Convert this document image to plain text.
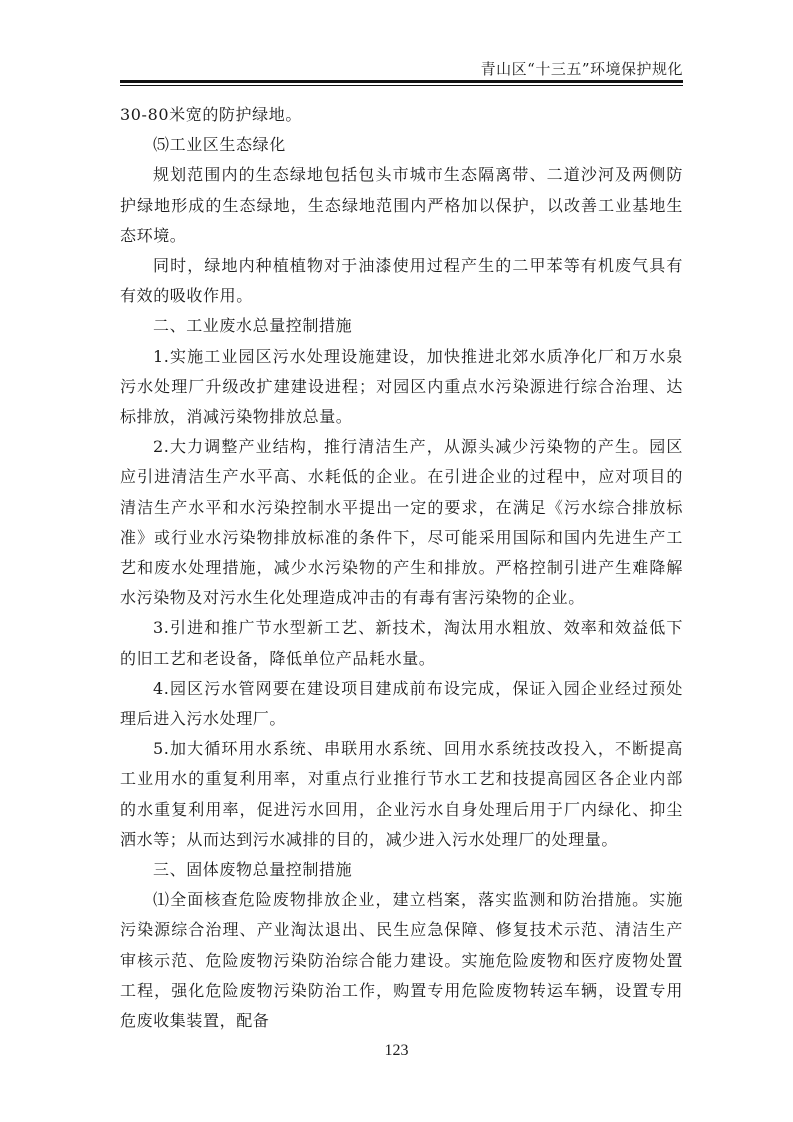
青山区“十三五”环境保护规化

30-80米宽的防护绿地。

⑸工业区生态绿化

规划范围内的生态绿地包括包头市城市生态隔离带、二道沙河及两侧防护绿地形成的生态绿地，生态绿地范围内严格加以保护，以改善工业基地生态环境。

同时，绿地内种植植物对于油漆使用过程产生的二甲苯等有机废气具有有效的吸收作用。

二、工业废水总量控制措施

1.实施工业园区污水处理设施建设，加快推进北郊水质净化厂和万水泉污水处理厂升级改扩建建设进程；对园区内重点水污染源进行综合治理、达标排放，消减污染物排放总量。

2.大力调整产业结构，推行清洁生产，从源头减少污染物的产生。园区应引进清洁生产水平高、水耗低的企业。在引进企业的过程中，应对项目的清洁生产水平和水污染控制水平提出一定的要求，在满足《污水综合排放标准》或行业水污染物排放标准的条件下，尽可能采用国际和国内先进生产工艺和废水处理措施，减少水污染物的产生和排放。严格控制引进产生难降解水污染物及对污水生化处理造成冲击的有毒有害污染物的企业。

3.引进和推广节水型新工艺、新技术，淘汰用水粗放、效率和效益低下的旧工艺和老设备，降低单位产品耗水量。

4.园区污水管网要在建设项目建成前布设完成，保证入园企业经过预处理后进入污水处理厂。

5.加大循环用水系统、串联用水系统、回用水系统技改投入，不断提高工业用水的重复利用率，对重点行业推行节水工艺和技提高园区各企业内部的水重复利用率，促进污水回用，企业污水自身处理后用于厂内绿化、抑尘洒水等；从而达到污水减排的目的，减少进入污水处理厂的处理量。

三、固体废物总量控制措施

⑴全面核查危险废物排放企业，建立档案，落实监测和防治措施。实施污染源综合治理、产业淘汰退出、民生应急保障、修复技术示范、清洁生产审核示范、危险废物污染防治综合能力建设。实施危险废物和医疗废物处置工程，强化危险废物污染防治工作，购置专用危险废物转运车辆，设置专用危废收集装置，配备

123
